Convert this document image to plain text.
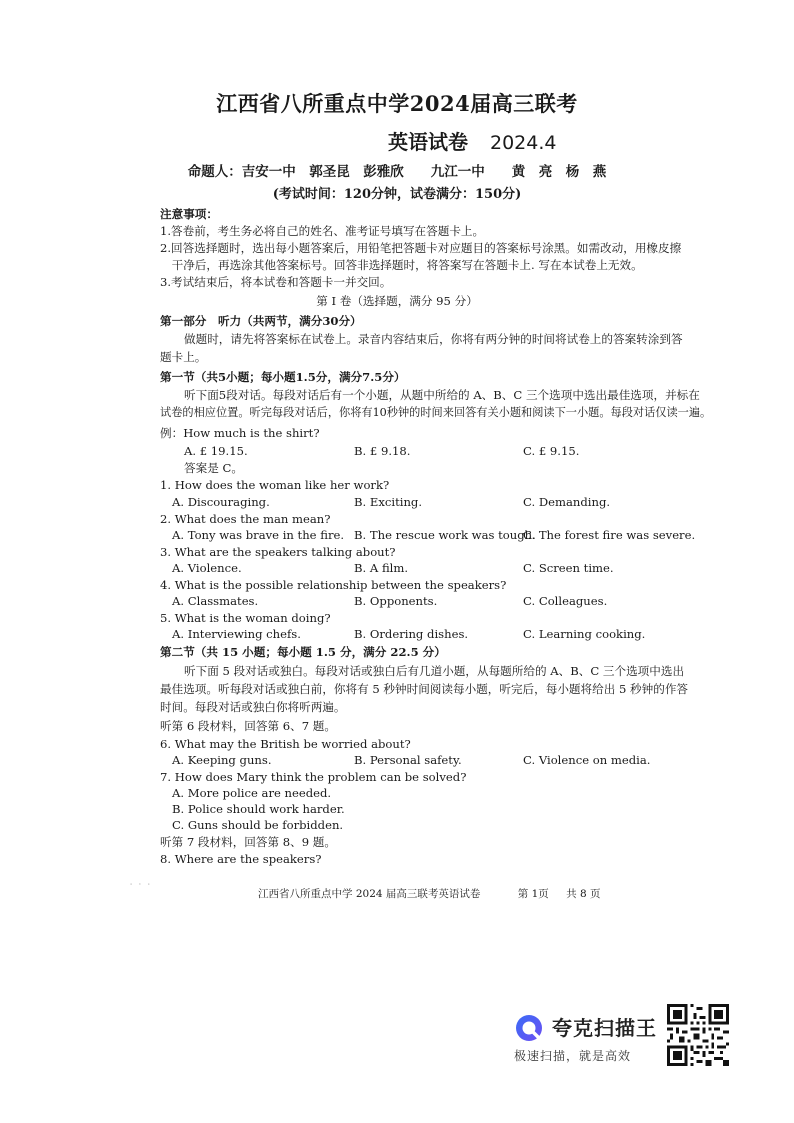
江西省八所重点中学2024届高三联考
英语试卷 2024.4
命题人：吉安一中　郭圣昆　彭雅欣　　九江一中　　黄　亮　杨　燕
(考试时间：120分钟，试卷满分：150分)
注意事项：
1.答卷前，考生务必将自己的姓名、准考证号填写在答题卡上。
2.回答选择题时，选出每小题答案后，用铅笔把答题卡对应题目的答案标号涂黑。如需改动，用橡皮擦
　干净后，再选涂其他答案标号。回答非选择题时，将答案写在答题卡上. 写在本试卷上无效。
3.考试结束后，将本试卷和答题卡一并交回。
第 I 卷（选择题，满分 95 分）
第一部分　听力（共两节，满分30分）
做题时，请先将答案标在试卷上。录音内容结束后，你将有两分钟的时间将试卷上的答案转涂到答
题卡上。
第一节（共5小题；每小题1.5分，满分7.5分）
听下面5段对话。每段对话后有一个小题，从题中所给的 A、B、C 三个选项中选出最佳选项，并标在
试卷的相应位置。听完每段对话后，你将有10秒钟的时间来回答有关小题和阅读下一小题。每段对话仅读一遍。
例：How much is the shirt?
A. £ 19.15.	B. £ 9.18.	C. £ 9.15.
答案是 C。
1. How does the woman like her work?
A. Discouraging.	B. Exciting.	C. Demanding.
2. What does the man mean?
A. Tony was brave in the fire. B. The rescue work was tough.
C. The forest fire was severe.
3. What are the speakers talking about?
A. Violence.	B. A film.	C. Screen time.
4. What is the possible relationship between the speakers?
A. Classmates.	B. Opponents.	C. Colleagues.
5. What is the woman doing?
A. Interviewing chefs.	B. Ordering dishes.	C. Learning cooking.
第二节（共 15 小题；每小题 1.5 分，满分 22.5 分）
听下面 5 段对话或独白。每段对话或独白后有几道小题，从每题所给的 A、B、C 三个选项中选出
最佳选项。听每段对话或独白前，你将有 5 秒钟时间阅读每小题，听完后，每小题将给出 5 秒钟的作答
时间。每段对话或独白你将听两遍。
听第 6 段材料，回答第 6、7 题。
6. What may the British be worried about?
A. Keeping guns.	B. Personal safety.	C. Violence on media.
7. How does Mary think the problem can be solved?
A. More police are needed.
B. Police should work harder.
C. Guns should be forbidden.
听第 7 段材料，回答第 8、9 题。
8. Where are the speakers?
⸱ · ⸱
江西省八所重点中学 2024 届高三联考英语试卷	第 1页 共 8 页
夸克扫描王
极速扫描，就是高效
